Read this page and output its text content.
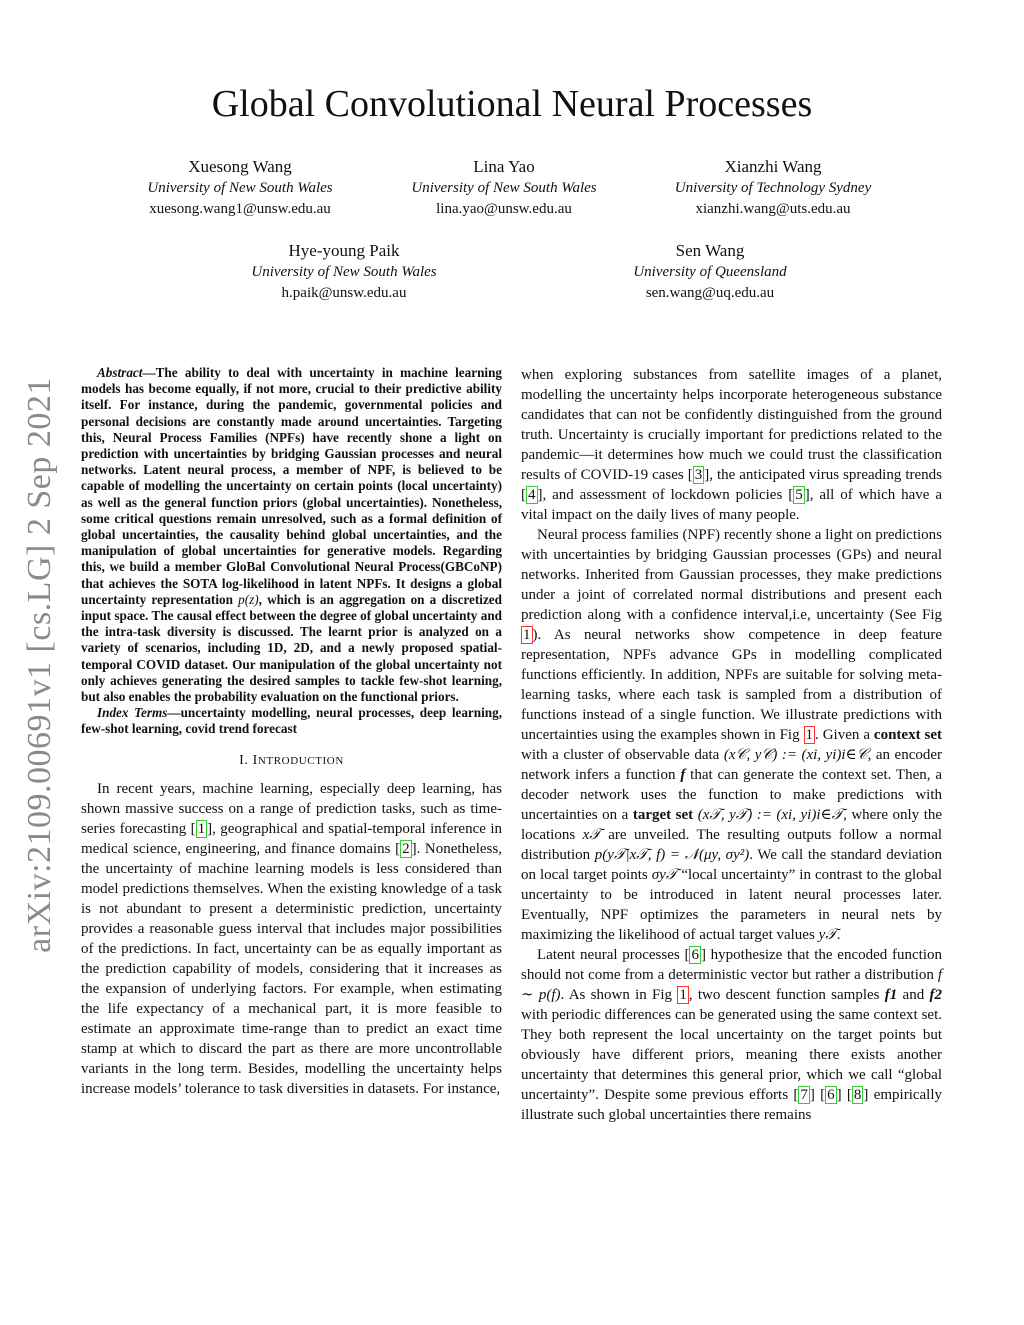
arXiv:2109.00691v1 [cs.LG] 2 Sep 2021
Global Convolutional Neural Processes
Xuesong Wang
University of New South Wales
xuesong.wang1@unsw.edu.au
Lina Yao
University of New South Wales
lina.yao@unsw.edu.au
Xianzhi Wang
University of Technology Sydney
xianzhi.wang@uts.edu.au
Hye-young Paik
University of New South Wales
h.paik@unsw.edu.au
Sen Wang
University of Queensland
sen.wang@uq.edu.au

Abstract—The ability to deal with uncertainty in machine learning models has become equally, if not more, crucial to their predictive ability itself. For instance, during the pandemic, governmental policies and personal decisions are constantly made around uncertainties. Targeting this, Neural Process Families (NPFs) have recently shone a light on prediction with uncertainties by bridging Gaussian processes and neural networks. Latent neural process, a member of NPF, is believed to be capable of modelling the uncertainty on certain points (local uncertainty) as well as the general function priors (global uncertainties). Nonetheless, some critical questions remain unresolved, such as a formal definition of global uncertainties, the causality behind global uncertainties, and the manipulation of global uncertainties for generative models. Regarding this, we build a member GloBal Convolutional Neural Process(GBCoNP) that achieves the SOTA log-likelihood in latent NPFs. It designs a global uncertainty representation p(z), which is an aggregation on a discretized input space. The causal effect between the degree of global uncertainty and the intra-task diversity is discussed. The learnt prior is analyzed on a variety of scenarios, including 1D, 2D, and a newly proposed spatial-temporal COVID dataset. Our manipulation of the global uncertainty not only achieves generating the desired samples to tackle few-shot learning, but also enables the probability evaluation on the functional priors.

Index Terms—uncertainty modelling, neural processes, deep learning, few-shot learning, covid trend forecast

I. INTRODUCTION

In recent years, machine learning, especially deep learning, has shown massive success on a range of prediction tasks, such as time-series forecasting [ 1 ], geographical and spatial-temporal inference in medical science, engineering, and finance domains [ 2 ]. Nonetheless, the uncertainty of machine learning models is less considered than model predictions themselves. When the existing knowledge of a task is not abundant to present a deterministic prediction, uncertainty provides a reasonable guess interval that includes major possibilities of the predictions. In fact, uncertainty can be as equally important as the prediction capability of models, considering that it increases as the expansion of underlying factors. For example, when estimating the life expectancy of a mechanical part, it is more feasible to estimate an approximate time-range than to predict an exact time stamp at which to discard the part as there are more uncontrollable variants in the long term. Besides, modelling the uncertainty helps increase models’ tolerance to task diversities in datasets. For instance,

when exploring substances from satellite images of a planet, modelling the uncertainty helps incorporate heterogeneous substance candidates that can not be confidently distinguished from the ground truth. Uncertainty is crucially important for predictions related to the pandemic—it determines how much we could trust the classification results of COVID-19 cases [ 3 ], the anticipated virus spreading trends [ 4 ], and assessment of lockdown policies [ 5 ], all of which have a vital impact on the daily lives of many people.

Neural process families (NPF) recently shone a light on predictions with uncertainties by bridging Gaussian processes (GPs) and neural networks. Inherited from Gaussian processes, they make predictions under a joint of correlated normal distributions and present each prediction along with a confidence interval,i.e, uncertainty (See Fig 1 ). As neural networks show competence in deep feature representation, NPFs advance GPs in modelling complicated functions efficiently. In addition, NPFs are suitable for solving meta-learning tasks, where each task is sampled from a distribution of functions instead of a single function. We illustrate predictions with uncertainties using the examples shown in Fig 1 . Given a context set with a cluster of observable data (x𝒞, y𝒞) := (xi, yi)i∈𝒞, an encoder network infers a function f that can generate the context set. Then, a decoder network uses the function to make predictions with uncertainties on a target set (x𝒯, y𝒯) := (xi, yi)i∈𝒯, where only the locations x𝒯 are unveiled. The resulting outputs follow a normal distribution p(y𝒯|x𝒯, f) = 𝒩(μy, σy²). We call the standard deviation on local target points σy𝒯 “local uncertainty” in contrast to the global uncertainty to be introduced in latent neural processes later. Eventually, NPF optimizes the parameters in neural nets by maximizing the likelihood of actual target values y𝒯.

Latent neural processes [ 6 ] hypothesize that the encoded function should not come from a deterministic vector but rather a distribution f ∼ p(f). As shown in Fig 1 , two descent function samples f1 and f2 with periodic differences can be generated using the same context set. They both represent the local uncertainty on the target points but obviously have different priors, meaning there exists another uncertainty that determines this general prior, which we call “global uncertainty”. Despite some previous efforts [ 7 ] [ 6 ] [ 8 ] empirically illustrate such global uncertainties there remains
